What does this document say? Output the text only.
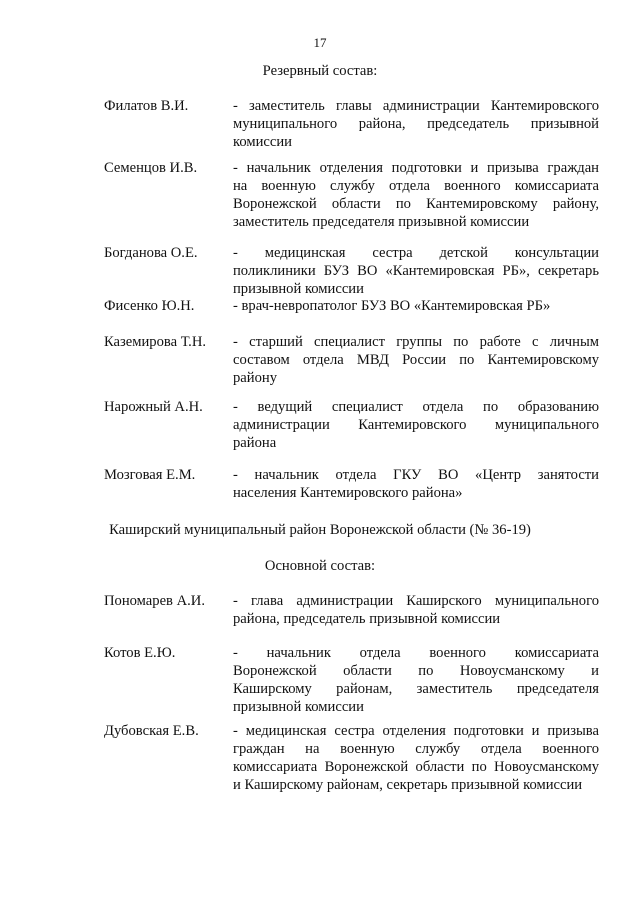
17
Резервный состав:
Филатов В.И.	- заместитель главы администрации Кантемировского
муниципального района, председатель призывной
комиссии
Семенцов И.В. - начальник отделения подготовки и призыва граждан
на военную службу отдела военного комиссариата
Воронежской области по Кантемировскому району,
заместитель председателя призывной комиссии
Богданова О.Е. - медицинская сестра детской консультации
поликлиники БУЗ ВО «Кантемировская РБ», секретарь
призывной комиссии
Фисенко Ю.Н.	- врач-невропатолог БУЗ ВО «Кантемировская РБ»
Каземирова Т.Н. - старший специалист группы по работе с личным
составом отдела МВД России по Кантемировскому
району
Нарожный А.Н. - ведущий специалист отдела по образованию
администрации Кантемировского муниципального
района
Мозговая Е.М.	- начальник отдела ГКУ ВО «Центр занятости
населения Кантемировского района»
Каширский муниципальный район Воронежской области (№ 36-19)
Основной состав:
Пономарев А.И. - глава администрации Каширского муниципального
района, председатель призывной комиссии
Котов Е.Ю.	- начальник отдела военного комиссариата
Воронежской области по Новоусманскому и
Каширскому районам, заместитель председателя
призывной комиссии
Дубовская Е.В. - медицинская сестра отделения подготовки и призыва
граждан на военную службу отдела военного
комиссариата Воронежской области по Новоусманскому
и Каширскому районам, секретарь призывной комиссии
